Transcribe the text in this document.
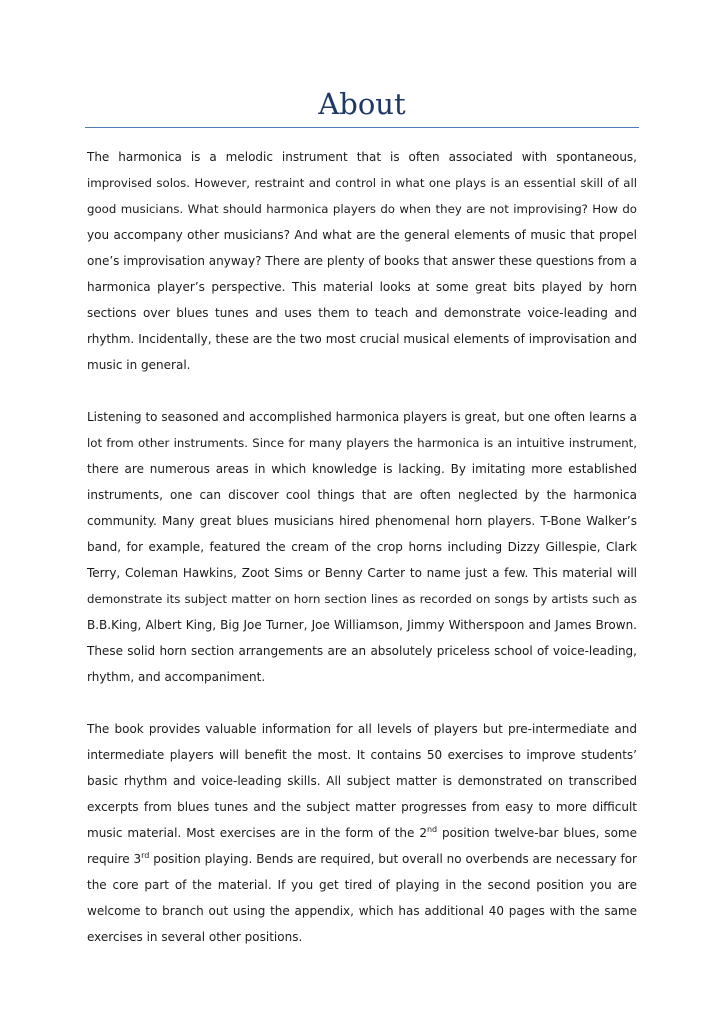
About

The harmonica is a melodic instrument that is often associated with spontaneous,
improvised solos. However, restraint and control in what one plays is an essential skill of all
good musicians. What should harmonica players do when they are not improvising? How do
you accompany other musicians? And what are the general elements of music that propel
one’s improvisation anyway? There are plenty of books that answer these questions from a
harmonica player’s perspective. This material looks at some great bits played by horn
sections over blues tunes and uses them to teach and demonstrate voice-leading and
rhythm. Incidentally, these are the two most crucial musical elements of improvisation and
music in general.

Listening to seasoned and accomplished harmonica players is great, but one often learns a
lot from other instruments. Since for many players the harmonica is an intuitive instrument,
there are numerous areas in which knowledge is lacking. By imitating more established
instruments, one can discover cool things that are often neglected by the harmonica
community. Many great blues musicians hired phenomenal horn players. T-Bone Walker’s
band, for example, featured the cream of the crop horns including Dizzy Gillespie, Clark
Terry, Coleman Hawkins, Zoot Sims or Benny Carter to name just a few. This material will
demonstrate its subject matter on horn section lines as recorded on songs by artists such as
B.B.King, Albert King, Big Joe Turner, Joe Williamson, Jimmy Witherspoon and James Brown.
These solid horn section arrangements are an absolutely priceless school of voice-leading,
rhythm, and accompaniment.

The book provides valuable information for all levels of players but pre-intermediate and
intermediate players will benefit the most. It contains 50 exercises to improve students’
basic rhythm and voice-leading skills. All subject matter is demonstrated on transcribed
excerpts from blues tunes and the subject matter progresses from easy to more difficult
music material. Most exercises are in the form of the 2nd position twelve-bar blues, some
require 3rd position playing. Bends are required, but overall no overbends are necessary for
the core part of the material. If you get tired of playing in the second position you are
welcome to branch out using the appendix, which has additional 40 pages with the same
exercises in several other positions.
